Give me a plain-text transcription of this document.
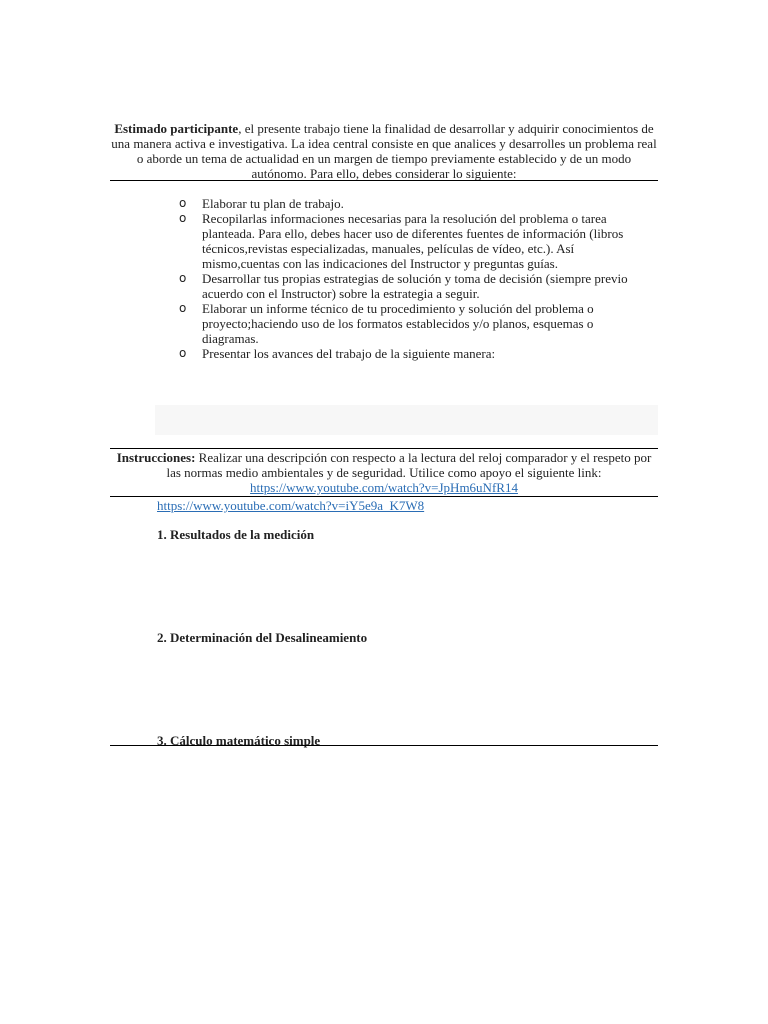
Estimado participante, el presente trabajo tiene la finalidad de desarrollar y adquirir conocimientos de una manera activa e investigativa. La idea central consiste en que analices y desarrolles un problema real o aborde un tema de actualidad en un margen de tiempo previamente establecido y de un modo autónomo. Para ello, debes considerar lo siguiente:
o Elaborar tu plan de trabajo.
o Recopilarlas informaciones necesarias para la resolución del problema o tarea planteada. Para ello, debes hacer uso de diferentes fuentes de información (libros técnicos,revistas especializadas, manuales, películas de vídeo, etc.). Así mismo,cuentas con las indicaciones del Instructor y preguntas guías.
o Desarrollar tus propias estrategias de solución y toma de decisión (siempre previo acuerdo con el Instructor) sobre la estrategia a seguir.
o Elaborar un informe técnico de tu procedimiento y solución del problema o proyecto;haciendo uso de los formatos establecidos y/o planos, esquemas o diagramas.
o Presentar los avances del trabajo de la siguiente manera:
Instrucciones: Realizar una descripción con respecto a la lectura del reloj comparador y el respeto por las normas medio ambientales y de seguridad. Utilice como apoyo el siguiente link:
https://www.youtube.com/watch?v=JpHm6uNfR14
https://www.youtube.com/watch?v=iY5e9a_K7W8
1. Resultados de la medición
2. Determinación del Desalineamiento
3. Cálculo matemático simple
